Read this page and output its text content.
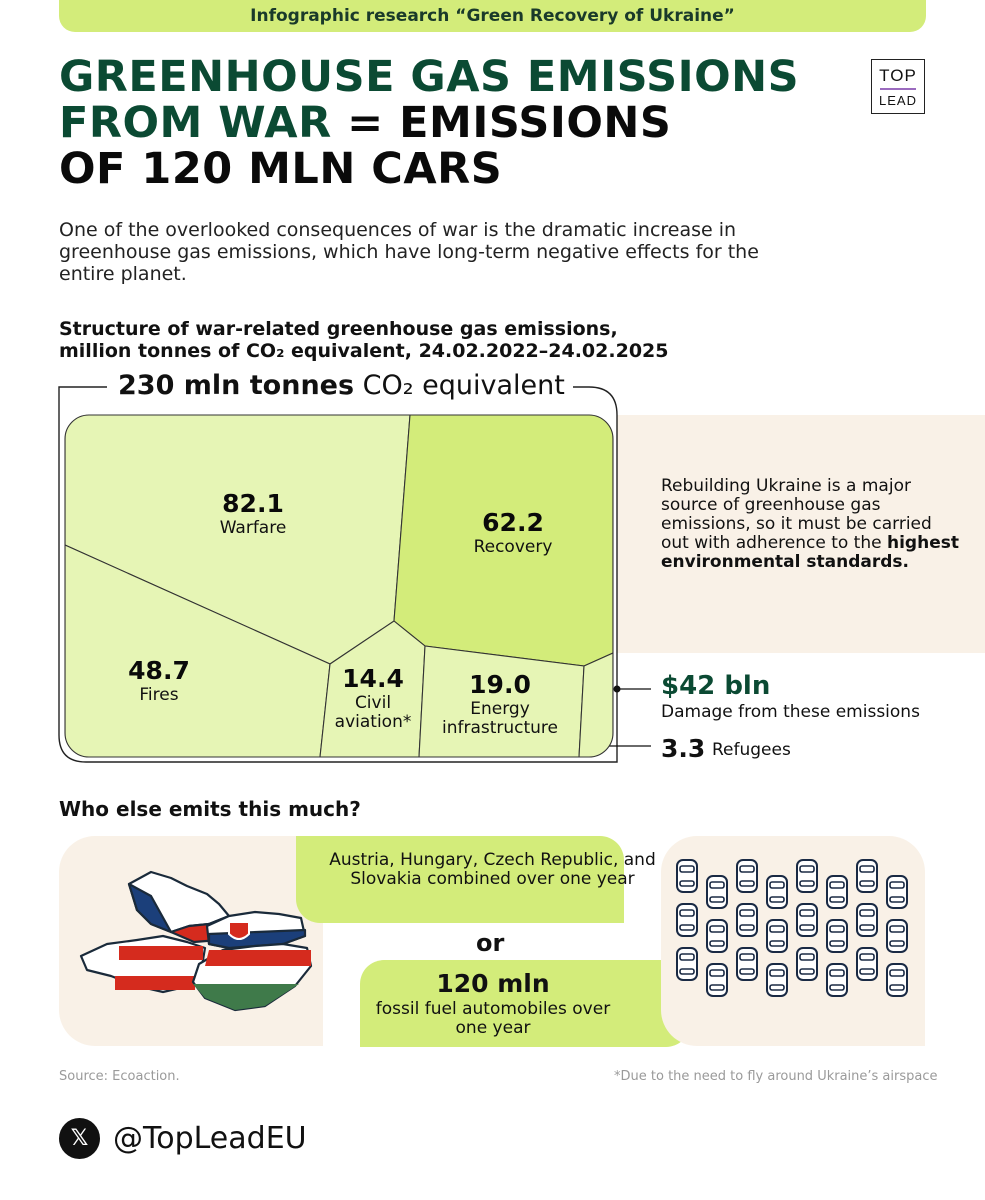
Infographic research “Green Recovery of Ukraine”
GREENHOUSE GAS EMISSIONS
FROM WAR = EMISSIONS
OF 120 MLN CARS
TOP
LEAD
One of the overlooked consequences of war is the dramatic increase in greenhouse gas emissions, which have long-term negative effects for the entire planet.
Structure of war-related greenhouse gas emissions,
million tonnes of CO₂ equivalent, 24.02.2022–24.02.2025
Rebuilding Ukraine is a major source of greenhouse gas emissions, so it must be carried out with adherence to the highest environmental standards.
230 mln tonnes CO₂ equivalent
82.1
Warfare	62.2
Recovery
48.7
Fires
14.4
Civil
aviation*
19.0
Energy
infrastructure
$42 bln
Damage from these emissions
3.3 Refugees
Who else emits this much?
Austria, Hungary, Czech Republic, and Slovakia combined over one year
or
120 mln
fossil fuel automobiles over one year
Source: Ecoaction.	*Due to the need to fly around Ukraine’s airspace
𝕏 @TopLeadEU
